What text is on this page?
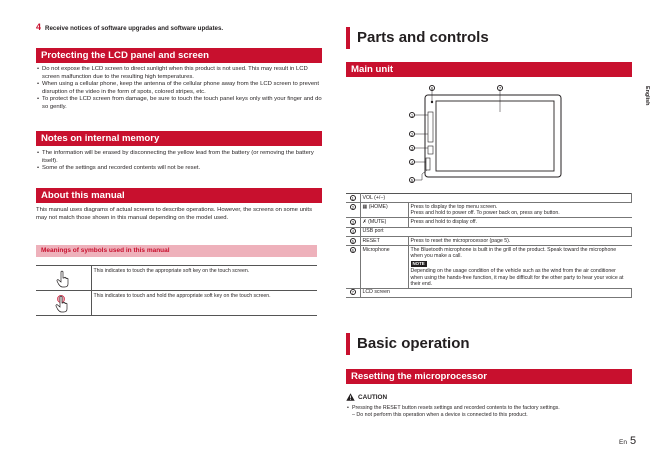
4 Receive notices of software upgrades and software updates.
Protecting the LCD panel and screen
• Do not expose the LCD screen to direct sunlight when this product is not used. This may result in LCD screen malfunction due to the resulting high temperatures.
• When using a cellular phone, keep the antenna of the cellular phone away from the LCD screen to prevent disruption of the video in the form of spots, colored stripes, etc.
• To protect the LCD screen from damage, be sure to touch the touch panel keys only with your finger and do so gently.
Notes on internal memory
• The information will be erased by disconnecting the yellow lead from the battery (or removing the battery itself).
• Some of the settings and recorded contents will not be reset.
About this manual

This manual uses diagrams of actual screens to describe operations. However, the screens on some units may not match those shown in this manual depending on the model used.

Meanings of symbols used in this manual
	This indicates to touch the appropriate soft key on the touch screen.

	This indicates to touch and hold the appropriate soft key on the touch screen.
Parts and controls
Main unit
6	7
1
2
3
4
5
1	VOL (+/−)	
2	▦ (HOME)	Press to display the top menu screen.
Press and hold to power off. To power back on, press any button.

3	✗ (MUTE)	Press and hold to display off.
4	USB port	
5	RESET	Press to reset the microprocessor (page 5).
6	Microphone	The Bluetooth microphone is built in the grill of the product. Speak toward the microphone when you make a call.
NOTE
Depending on the usage condition of the vehicle such as the wind from the air conditioner when using the hands-free function, it may be difficult for the other party to hear your voice at their end.

7	LCD screen	
Basic operation
Resetting the microprocessor
CAUTION
• Pressing the RESET button resets settings and recorded contents to the factory settings.

– Do not perform this operation when a device is connected to this product.

English
En 5
